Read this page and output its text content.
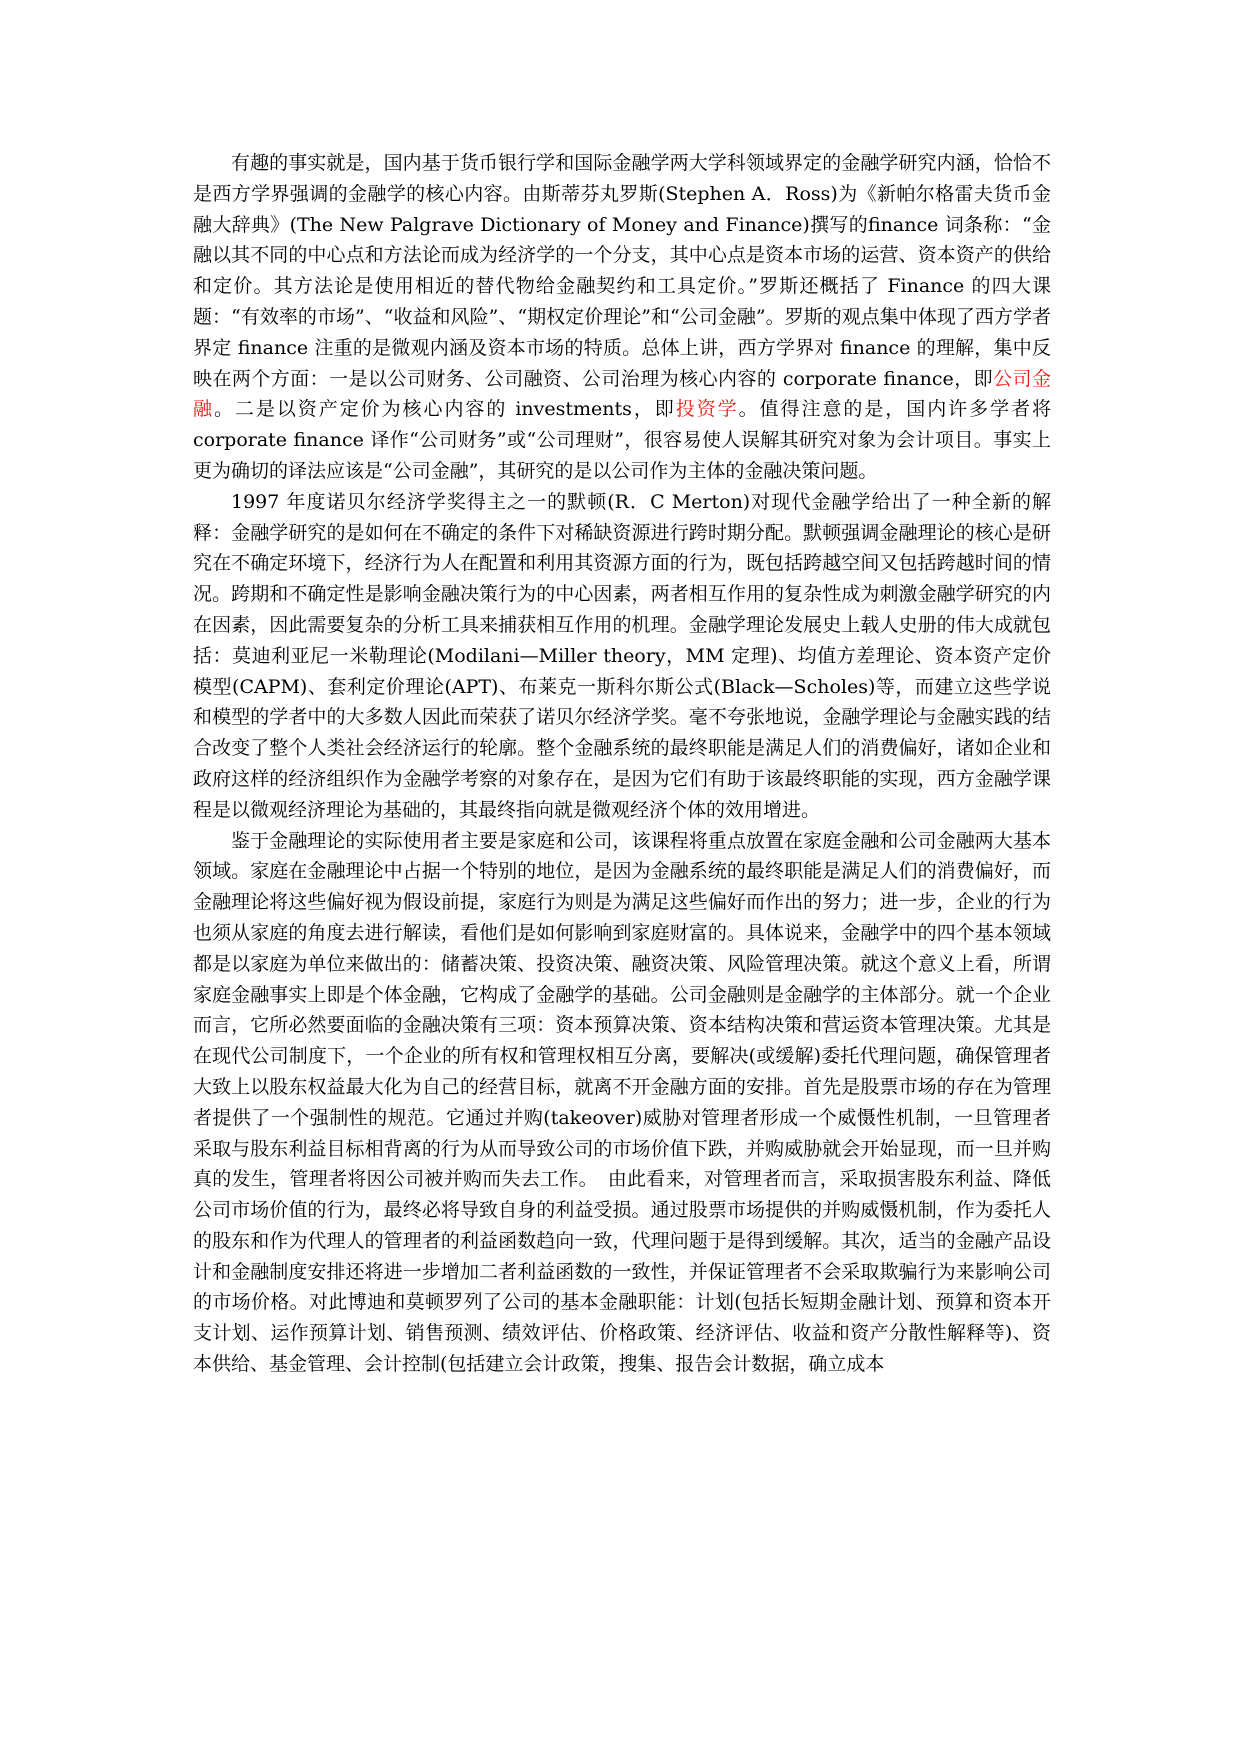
有趣的事实就是，国内基于货币银行学和国际金融学两大学科领域界定的金融学研究内涵，恰恰不是西方学界强调的金融学的核心内容。由斯蒂芬丸罗斯(Stephen A．Ross)为《新帕尔格雷夫货币金融大辞典》(The New Palgrave Dictionary of Money and Finance)撰写的finance 词条称：“金融以其不同的中心点和方法论而成为经济学的一个分支，其中心点是资本市场的运营、资本资产的供给和定价。其方法论是使用相近的替代物给金融契约和工具定价。”罗斯还概括了 Finance 的四大课题：“有效率的市场”、“收益和风险”、“期权定价理论”和“公司金融”。罗斯的观点集中体现了西方学者界定 finance 注重的是微观内涵及资本市场的特质。总体上讲，西方学界对 finance 的理解，集中反映在两个方面：一是以公司财务、公司融资、公司治理为核心内容的 corporate finance，即公司金融。二是以资产定价为核心内容的 investments，即投资学。值得注意的是，国内许多学者将 corporate finance 译作“公司财务”或“公司理财”，很容易使人误解其研究对象为会计项目。事实上更为确切的译法应该是“公司金融”，其研究的是以公司作为主体的金融决策问题。

1997 年度诺贝尔经济学奖得主之一的默顿(R．C Merton)对现代金融学给出了一种全新的解释：金融学研究的是如何在不确定的条件下对稀缺资源进行跨时期分配。默顿强调金融理论的核心是研究在不确定环境下，经济行为人在配置和利用其资源方面的行为，既包括跨越空间又包括跨越时间的情况。跨期和不确定性是影响金融决策行为的中心因素，两者相互作用的复杂性成为刺激金融学研究的内在因素，因此需要复杂的分析工具来捕获相互作用的机理。金融学理论发展史上载人史册的伟大成就包括：莫迪利亚尼一米勒理论(Modilani—Miller theory，MM 定理)、均值方差理论、资本资产定价模型(CAPM)、套利定价理论(APT)、布莱克一斯科尔斯公式(Black—Scholes)等，而建立这些学说和模型的学者中的大多数人因此而荣获了诺贝尔经济学奖。毫不夸张地说，金融学理论与金融实践的结合改变了整个人类社会经济运行的轮廓。整个金融系统的最终职能是满足人们的消费偏好，诸如企业和政府这样的经济组织作为金融学考察的对象存在，是因为它们有助于该最终职能的实现，西方金融学课程是以微观经济理论为基础的，其最终指向就是微观经济个体的效用增进。

鉴于金融理论的实际使用者主要是家庭和公司，该课程将重点放置在家庭金融和公司金融两大基本领域。家庭在金融理论中占据一个特别的地位，是因为金融系统的最终职能是满足人们的消费偏好，而金融理论将这些偏好视为假设前提，家庭行为则是为满足这些偏好而作出的努力；进一步，企业的行为也须从家庭的角度去进行解读，看他们是如何影响到家庭财富的。具体说来，金融学中的四个基本领域都是以家庭为单位来做出的：储蓄决策、投资决策、融资决策、风险管理决策。就这个意义上看，所谓家庭金融事实上即是个体金融，它构成了金融学的基础。公司金融则是金融学的主体部分。就一个企业而言，它所必然要面临的金融决策有三项：资本预算决策、资本结构决策和营运资本管理决策。尤其是在现代公司制度下，一个企业的所有权和管理权相互分离，要解决(或缓解)委托代理问题，确保管理者大致上以股东权益最大化为自己的经营目标，就离不开金融方面的安排。首先是股票市场的存在为管理者提供了一个强制性的规范。它通过并购(takeover)威胁对管理者形成一个威慑性机制，一旦管理者采取与股东利益目标相背离的行为从而导致公司的市场价值下跌，并购威胁就会开始显现，而一旦并购真的发生，管理者将因公司被并购而失去工作。　由此看来，对管理者而言，采取损害股东利益、降低公司市场价值的行为，最终必将导致自身的利益受损。通过股票市场提供的并购威慑机制，作为委托人的股东和作为代理人的管理者的利益函数趋向一致，代理问题于是得到缓解。其次，适当的金融产品设计和金融制度安排还将进一步增加二者利益函数的一致性，并保证管理者不会采取欺骗行为来影响公司的市场价格。对此博迪和莫顿罗列了公司的基本金融职能：计划(包括长短期金融计划、预算和资本开支计划、运作预算计划、销售预测、绩效评估、价格政策、经济评估、收益和资产分散性解释等)、资本供给、基金管理、会计控制(包括建立会计政策，搜集、报告会计数据，确立成本
